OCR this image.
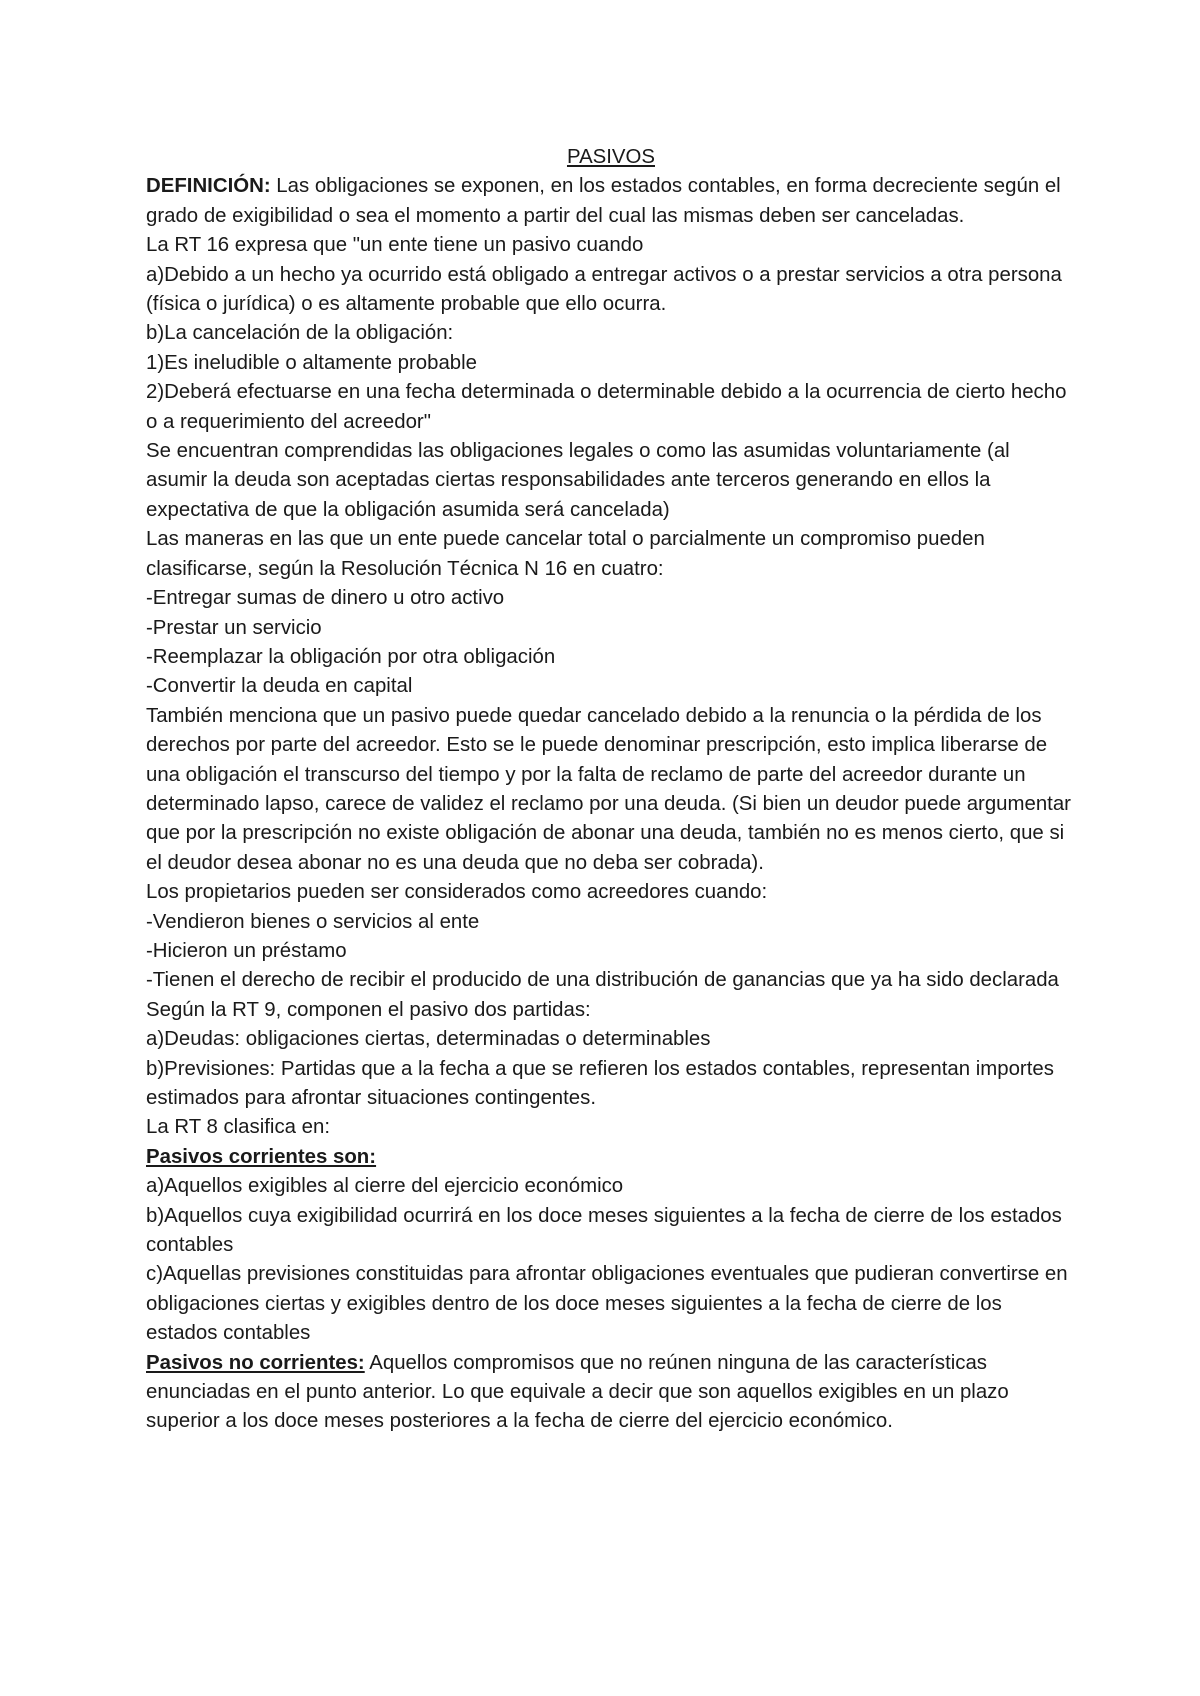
PASIVOS

DEFINICIÓN: Las obligaciones se exponen, en los estados contables, en forma decreciente según el grado de exigibilidad o sea el momento a partir del cual las mismas deben ser canceladas.

La RT 16 expresa que "un ente tiene un pasivo cuando

a)Debido a un hecho ya ocurrido está obligado a entregar activos o a prestar servicios a otra persona (física o jurídica) o es altamente probable que ello ocurra.

b)La cancelación de la obligación:

1)Es ineludible o altamente probable

2)Deberá efectuarse en una fecha determinada o determinable debido a la ocurrencia de cierto hecho o a requerimiento del acreedor"

Se encuentran comprendidas las obligaciones legales o como las asumidas voluntariamente (al asumir la deuda son aceptadas ciertas responsabilidades ante terceros generando en ellos la expectativa de que la obligación asumida será cancelada)

Las maneras en las que un ente puede cancelar total o parcialmente un compromiso pueden clasificarse, según la Resolución Técnica N 16 en cuatro:

-Entregar sumas de dinero u otro activo

-Prestar un servicio

-Reemplazar la obligación por otra obligación

-Convertir la deuda en capital

También menciona que un pasivo puede quedar cancelado debido a la renuncia o la pérdida de los derechos por parte del acreedor. Esto se le puede denominar prescripción, esto implica liberarse de una obligación el transcurso del tiempo y por la falta de reclamo de parte del acreedor durante un determinado lapso, carece de validez el reclamo por una deuda. (Si bien un deudor puede argumentar que por la prescripción no existe obligación de abonar una deuda, también no es menos cierto, que si el deudor desea abonar no es una deuda que no deba ser cobrada).

Los propietarios pueden ser considerados como acreedores cuando:

-Vendieron bienes o servicios al ente

-Hicieron un préstamo

-Tienen el derecho de recibir el producido de una distribución de ganancias que ya ha sido declarada

Según la RT 9, componen el pasivo dos partidas:

a)Deudas: obligaciones ciertas, determinadas o determinables

b)Previsiones: Partidas que a la fecha a que se refieren los estados contables, representan importes estimados para afrontar situaciones contingentes.

La RT 8 clasifica en:

Pasivos corrientes son:

a)Aquellos exigibles al cierre del ejercicio económico

b)Aquellos cuya exigibilidad ocurrirá en los doce meses siguientes a la fecha de cierre de los estados contables

c)Aquellas previsiones constituidas para afrontar obligaciones eventuales que pudieran convertirse en obligaciones ciertas y exigibles dentro de los doce meses siguientes a la fecha de cierre de los estados contables

Pasivos no corrientes: Aquellos compromisos que no reúnen ninguna de las características enunciadas en el punto anterior. Lo que equivale a decir que son aquellos exigibles en un plazo superior a los doce meses posteriores a la fecha de cierre del ejercicio económico.
